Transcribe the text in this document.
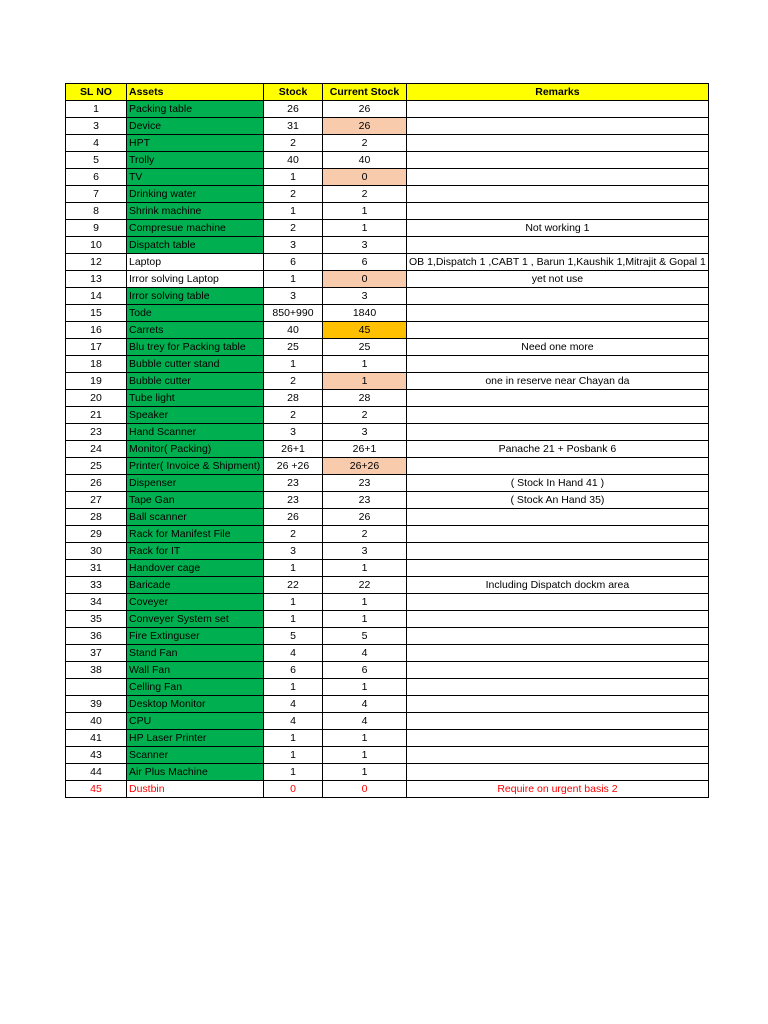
SL NO	Assets	Stock	Current Stock	Remarks
1	Packing table	26	26	
3	Device	31	26	
4	HPT	2	2	
5	Trolly	40	40	
6	TV	1	0	
7	Drinking water	2	2	
8	Shrink machine	1	1	
9	Compresue machine	2	1	Not working 1
10	Dispatch table	3	3	
12	Laptop	6	6	OB 1,Dispatch 1 ,CABT 1 , Barun 1,Kaushik 1,Mitrajit & Gopal 1
13	Irror solving Laptop	1	0	yet not use
14	Irror solving table	3	3	
15	Tode	850+990	1840	
16	Carrets	40	45	
17	Blu trey for Packing table	25	25	Need one more
18	Bubble cutter stand	1	1	
19	Bubble cutter	2	1	one in reserve near Chayan da
20	Tube light	28	28	
21	Speaker	2	2	
23	Hand Scanner	3	3	
24	Monitor( Packing)	26+1	26+1	Panache 21 + Posbank 6
25	Printer( Invoice & Shipment)	26 +26	26+26	
26	Dispenser	23	23	( Stock In Hand 41 )
27	Tape Gan	23	23	( Stock An Hand 35)
28	Ball scanner	26	26	
29	Rack for Manifest File	2	2	
30	Rack for IT	3	3	
31	Handover cage	1	1	
33	Baricade	22	22	Including Dispatch dockm area
34	Coveyer	1	1	
35	Conveyer System set	1	1	
36	Fire Extinguser	5	5	
37	Stand Fan	4	4	
38	Wall Fan	6	6	
	Celling Fan	1	1	
39	Desktop Monitor	4	4	
40	CPU	4	4	
41	HP Laser Printer	1	1	
43	Scanner	1	1	
44	Air Plus Machine	1	1	
45	Dustbin	0	0	Require on urgent basis 2
